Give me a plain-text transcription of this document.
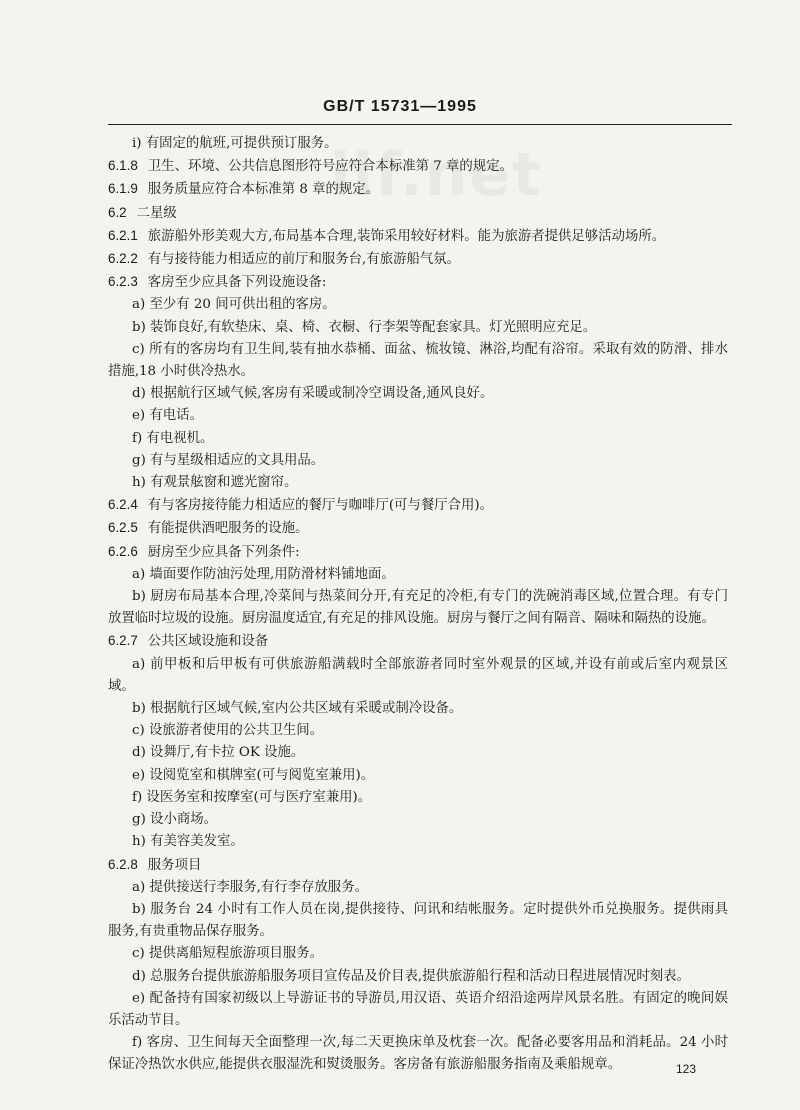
GB/T 15731—1995
i) 有固定的航班,可提供预订服务。
6.1.8 卫生、环境、公共信息图形符号应符合本标准第 7 章的规定。
6.1.9 服务质量应符合本标准第 8 章的规定。
6.2 二星级
6.2.1 旅游船外形美观大方,布局基本合理,装饰采用较好材料。能为旅游者提供足够活动场所。
6.2.2 有与接待能力相适应的前厅和服务台,有旅游船气氛。
6.2.3 客房至少应具备下列设施设备:
a) 至少有 20 间可供出租的客房。
b) 装饰良好,有软垫床、桌、椅、衣橱、行李架等配套家具。灯光照明应充足。
c) 所有的客房均有卫生间,装有抽水恭桶、面盆、梳妆镜、淋浴,均配有浴帘。采取有效的防滑、排水措施,18 小时供冷热水。
d) 根据航行区域气候,客房有采暖或制冷空调设备,通风良好。
e) 有电话。
f) 有电视机。
g) 有与星级相适应的文具用品。
h) 有观景舷窗和遮光窗帘。
6.2.4 有与客房接待能力相适应的餐厅与咖啡厅(可与餐厅合用)。
6.2.5 有能提供酒吧服务的设施。
6.2.6 厨房至少应具备下列条件:
a) 墙面要作防油污处理,用防滑材料铺地面。
b) 厨房布局基本合理,冷菜间与热菜间分开,有充足的冷柜,有专门的洗碗消毒区域,位置合理。有专门放置临时垃圾的设施。厨房温度适宜,有充足的排风设施。厨房与餐厅之间有隔音、隔味和隔热的设施。
6.2.7 公共区域设施和设备
a) 前甲板和后甲板有可供旅游船满载时全部旅游者同时室外观景的区域,并设有前或后室内观景区域。
b) 根据航行区域气候,室内公共区域有采暖或制冷设备。
c) 设旅游者使用的公共卫生间。
d) 设舞厅,有卡拉 OK 设施。
e) 设阅览室和棋牌室(可与阅览室兼用)。
f) 设医务室和按摩室(可与医疗室兼用)。
g) 设小商场。
h) 有美容美发室。
6.2.8 服务项目
a) 提供接送行李服务,有行李存放服务。
b) 服务台 24 小时有工作人员在岗,提供接待、问讯和结帐服务。定时提供外币兑换服务。提供雨具服务,有贵重物品保存服务。
c) 提供离船短程旅游项目服务。
d) 总服务台提供旅游船服务项目宣传品及价目表,提供旅游船行程和活动日程进展情况时刻表。
e) 配备持有国家初级以上导游证书的导游员,用汉语、英语介绍沿途两岸风景名胜。有固定的晚间娱乐活动节目。
f) 客房、卫生间每天全面整理一次,每二天更换床单及枕套一次。配备必要客用品和消耗品。24 小时保证冷热饮水供应,能提供衣服湿洗和熨烫服务。客房备有旅游船服务指南及乘船规章。	123
